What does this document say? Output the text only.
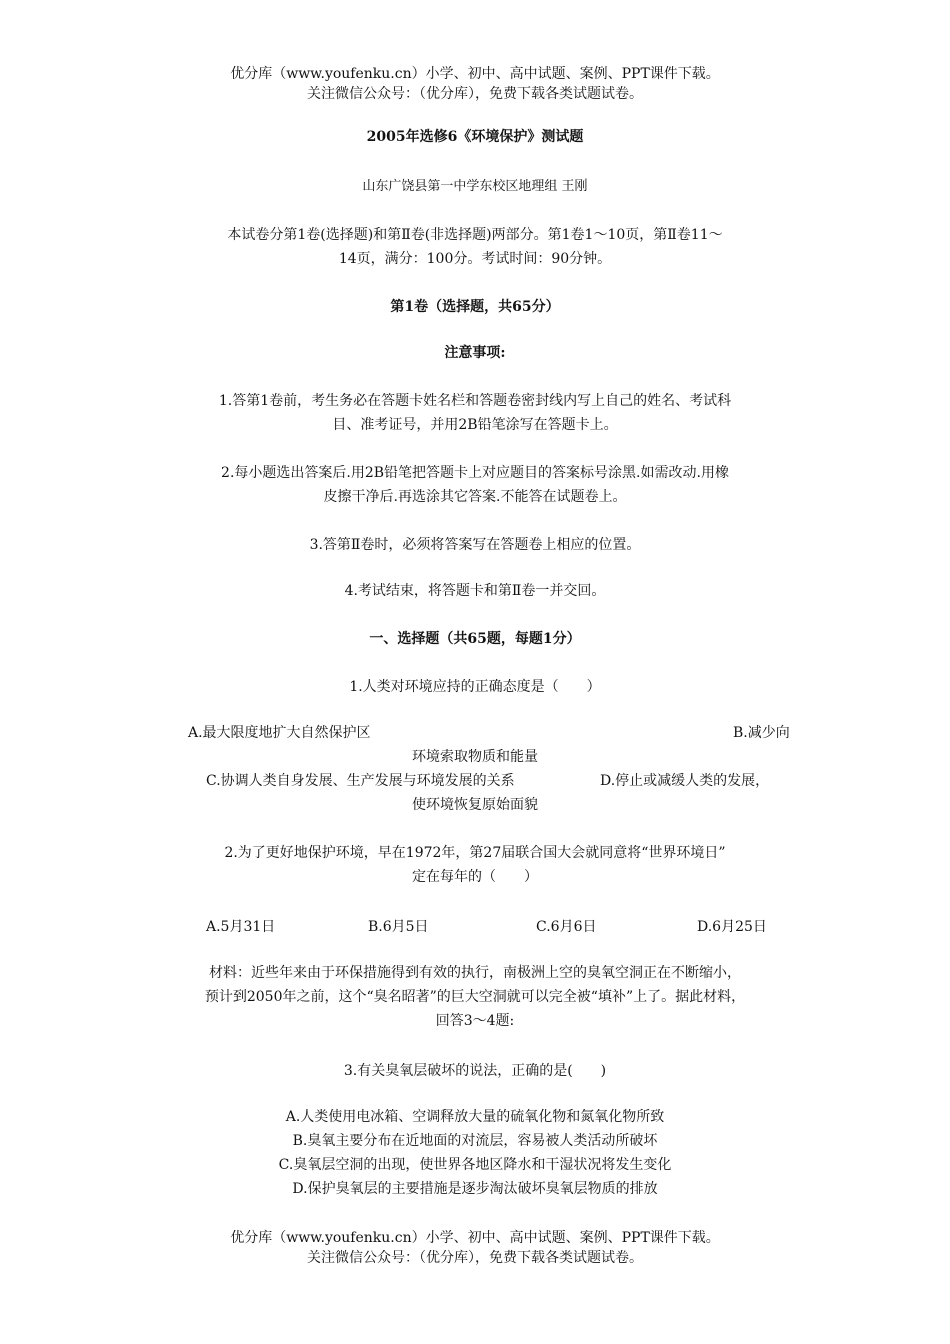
优分库（www.youfenku.cn）小学、初中、高中试题、案例、PPT课件下载。
关注微信公众号：（优分库），免费下载各类试题试卷。
2005年选修6《环境保护》测试题
山东广饶县第一中学东校区地理组 王刚
本试卷分第1卷(选择题)和第Ⅱ卷(非选择题)两部分。第1卷1～10页，第Ⅱ卷11～
14页，满分：100分。考试时间：90分钟。
第1卷（选择题，共65分）
注意事项:
1.答第1卷前，考生务必在答题卡姓名栏和答题卷密封线内写上自己的姓名、考试科
目、准考证号，并用2B铅笔涂写在答题卡上。
2.每小题选出答案后.用2B铅笔把答题卡上对应题目的答案标号涂黑.如需改动.用橡
皮擦干净后.再选涂其它答案.不能答在试题卷上。
3.答第Ⅱ卷时，必须将答案写在答题卷上相应的位置。
4.考试结束，将答题卡和第Ⅱ卷一并交回。
一、选择题（共65题，每题1分）
1.人类对环境应持的正确态度是（　　）
A.最大限度地扩大自然保护区	B.减少向
环境索取物质和能量
C.协调人类自身发展、生产发展与环境发展的关系	D.停止或减缓人类的发展，
使环境恢复原始面貌
2.为了更好地保护环境，早在1972年，第27届联合国大会就同意将“世界环境日”
定在每年的（　　）
A.5月31日	B.6月5日	C.6月6日	D.6月25日
材料：近些年来由于环保措施得到有效的执行，南极洲上空的臭氧空洞正在不断缩小，
预计到2050年之前，这个“臭名昭著”的巨大空洞就可以完全被“填补”上了。据此材料，
回答3～4题:
3.有关臭氧层破坏的说法，正确的是(　　)
A.人类使用电冰箱、空调释放大量的硫氧化物和氮氧化物所致
B.臭氧主要分布在近地面的对流层，容易被人类活动所破坏
C.臭氧层空洞的出现，使世界各地区降水和干湿状况将发生变化
D.保护臭氧层的主要措施是逐步淘汰破坏臭氧层物质的排放
优分库（www.youfenku.cn）小学、初中、高中试题、案例、PPT课件下载。
关注微信公众号：（优分库），免费下载各类试题试卷。
